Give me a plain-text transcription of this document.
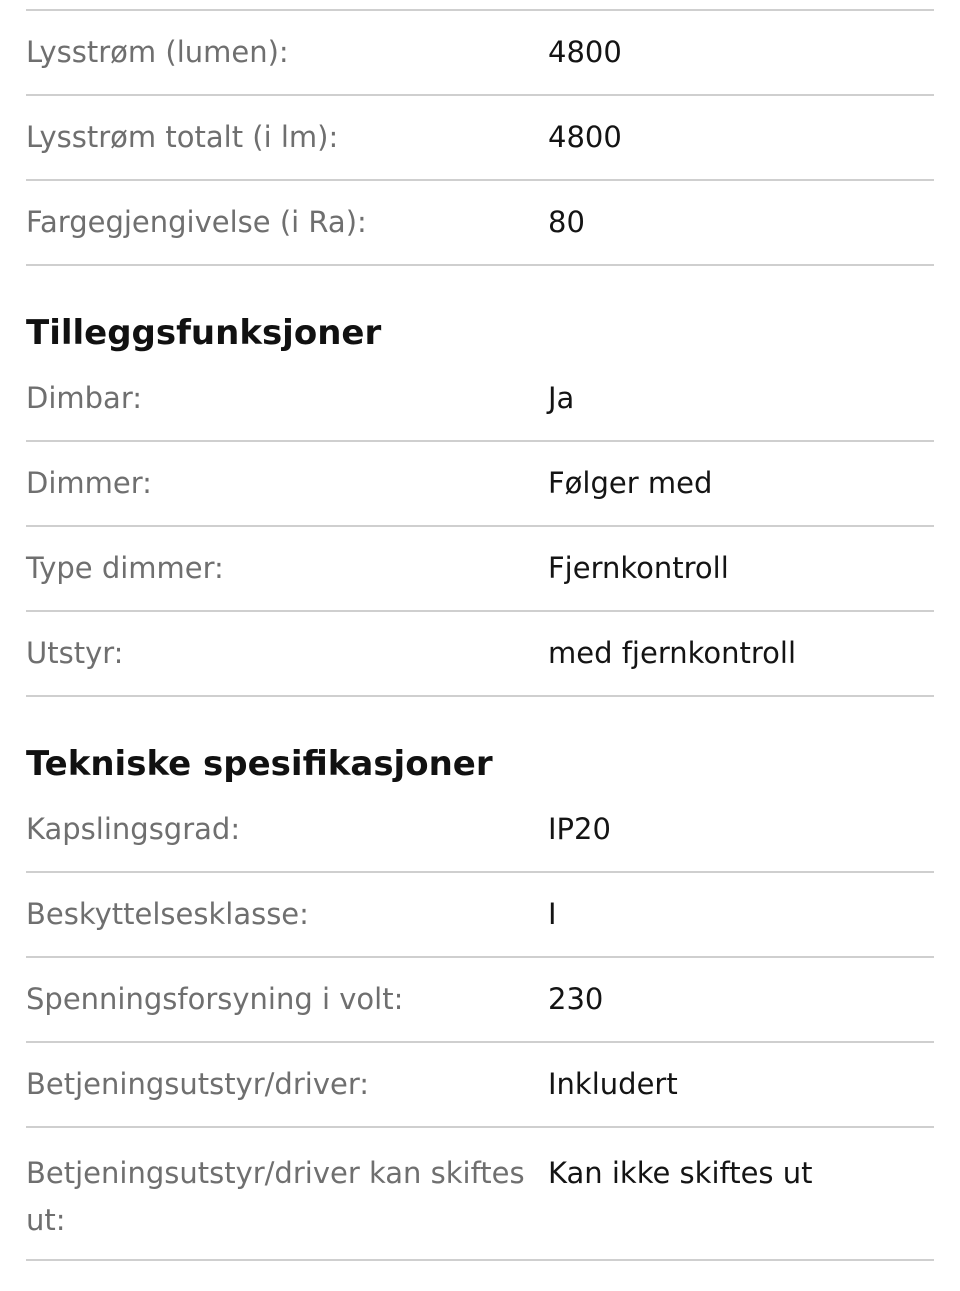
Lysstrøm (lumen):	4800
Lysstrøm totalt (i lm):	4800
Fargegjengivelse (i Ra):	80
Tilleggsfunksjoner
Dimbar:	Ja
Dimmer:	Følger med
Type dimmer:	Fjernkontroll
Utstyr:	med fjernkontroll
Tekniske spesifikasjoner
Kapslingsgrad:	IP20
Beskyttelsesklasse:	I
Spenningsforsyning i volt:	230
Betjeningsutstyr/driver:	Inkludert
Betjeningsutstyr/driver kan skiftes ut:
Kan ikke skiftes ut
